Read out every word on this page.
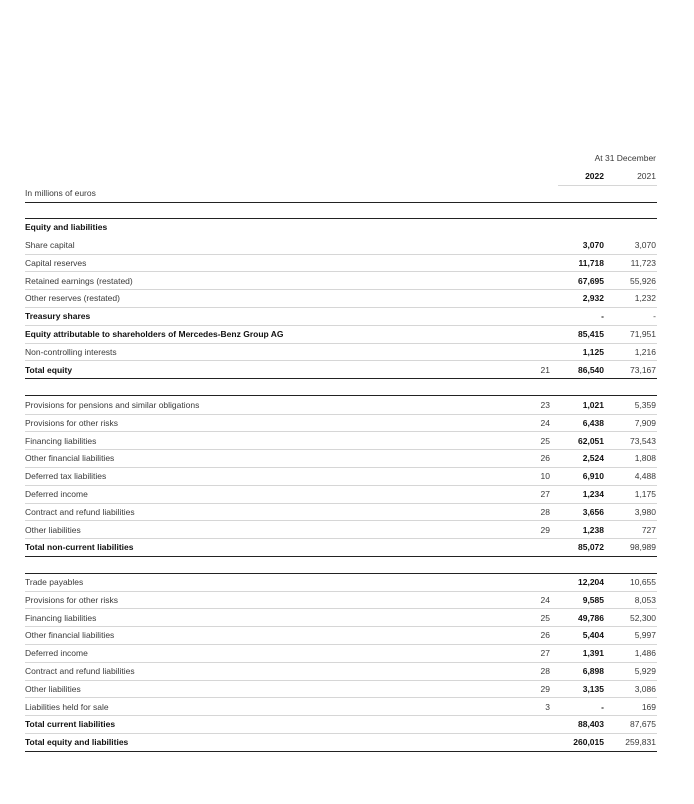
At 31 December
2022	2021
In millions of euros
Equity and liabilities
Share capital	3,070	3,070
Capital reserves	11,718	11,723
Retained earnings (restated)	67,695	55,926
Other reserves (restated)	2,932	1,232
Treasury shares	-	-
Equity attributable to shareholders of Mercedes-Benz Group AG	85,415	71,951
Non-controlling interests	1,125	1,216
Total equity	21	86,540	73,167
Provisions for pensions and similar obligations	23	1,021	5,359
Provisions for other risks	24	6,438	7,909
Financing liabilities	25	62,051	73,543
Other financial liabilities	26	2,524	1,808
Deferred tax liabilities	10	6,910	4,488
Deferred income	27	1,234	1,175
Contract and refund liabilities	28	3,656	3,980
Other liabilities	29	1,238	727
Total non-current liabilities	85,072	98,989
Trade payables	12,204	10,655
Provisions for other risks	24	9,585	8,053
Financing liabilities	25	49,786	52,300
Other financial liabilities	26	5,404	5,997
Deferred income	27	1,391	1,486
Contract and refund liabilities	28	6,898	5,929
Other liabilities	29	3,135	3,086
Liabilities held for sale	3	-	169
Total current liabilities	88,403	87,675
Total equity and liabilities	260,015	259,831
